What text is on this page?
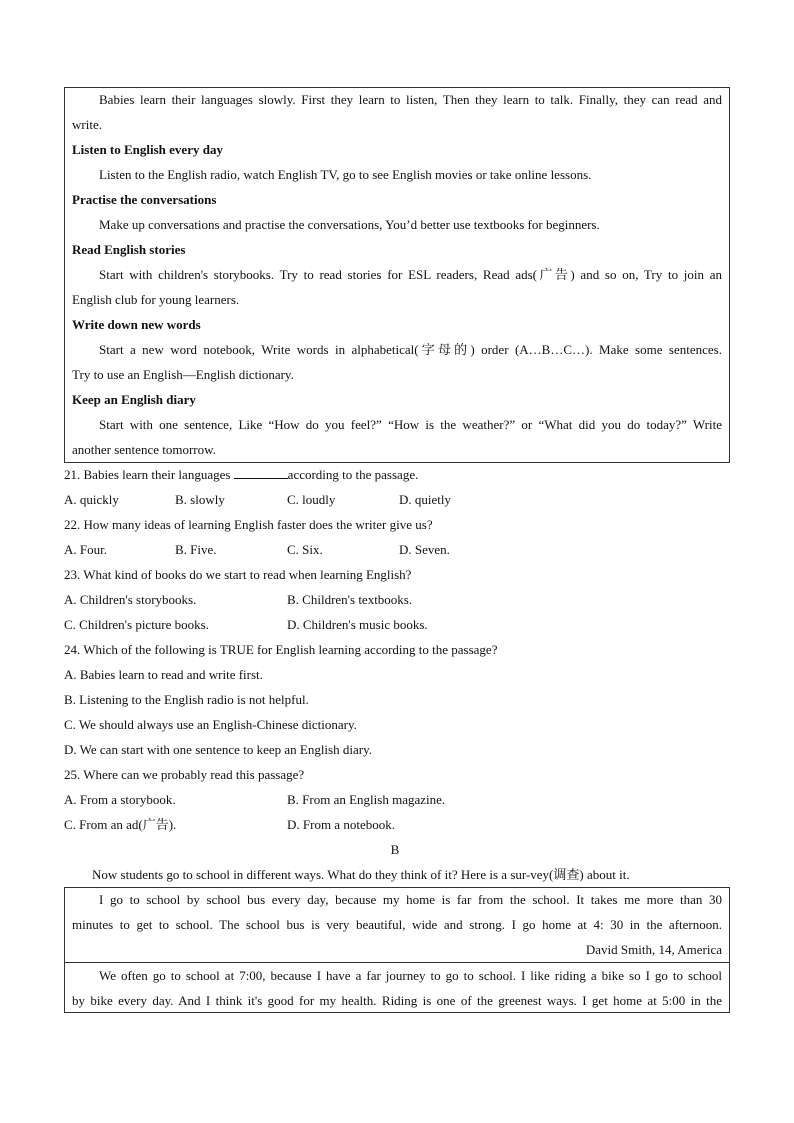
Babies learn their languages slowly. First they learn to listen, Then they learn to talk. Finally, they can read and
write.
Listen to English every day
Listen to the English radio, watch English TV, go to see English movies or take online lessons.
Practise the conversations
Make up conversations and practise the conversations, You’d better use textbooks for beginners.
Read English stories
Start with children's storybooks. Try to read stories for ESL readers, Read ads(广告) and so on, Try to join an
English club for young learners.
Write down new words
Start a new word notebook, Write words in alphabetical(字母的) order (A…B…C…). Make some sentences.
Try to use an English—English dictionary.
Keep an English diary
Start with one sentence, Like “How do you feel?” “How is the weather?” or “What did you do today?” Write
another sentence tomorrow.
21. Babies learn their languages	according to the passage.
A. quickly	B. slowly	C. loudly	D. quietly
22. How many ideas of learning English faster does the writer give us?
A. Four.	B. Five.	C. Six.	D. Seven.
23. What kind of books do we start to read when learning English?
A. Children's storybooks.	B. Children's textbooks.
C. Children's picture books.	D. Children's music books.
24. Which of the following is TRUE for English learning according to the passage?
A. Babies learn to read and write first.
B. Listening to the English radio is not helpful.
C. We should always use an English-Chinese dictionary.
D. We can start with one sentence to keep an English diary.
25. Where can we probably read this passage?
A. From a storybook.	B. From an English magazine.
C. From an ad(广告).	D. From a notebook.
B
Now students go to school in different ways. What do they think of it? Here is a sur-vey(调查) about it.
I go to school by school bus every day, because my home is far from the school. It takes me more than 30
minutes to get to school. The school bus is very beautiful, wide and strong. I go home at 4: 30 in the afternoon.
David Smith, 14, America
We often go to school at 7:00, because I have a far journey to go to school. I like riding a bike so I go to school
by bike every day. And I think it's good for my health. Riding is one of the greenest ways. I get home at 5:00 in the
